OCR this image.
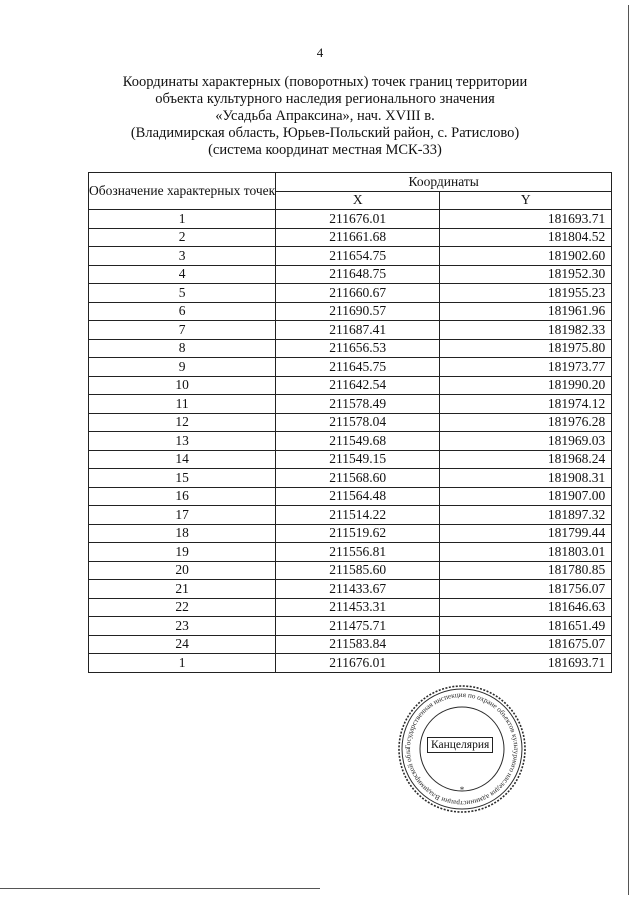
4
Координаты характерных (поворотных) точек границ территории
объекта культурного наследия регионального значения
«Усадьба Апраксина», нач. XVIII в.
(Владимирская область, Юрьев-Польский район, с. Ратислово)
(система координат местная МСК-33)
Обозначение характерных точек	Координаты	
	X	Y
1	211676.01	181693.71
2	211661.68	181804.52
3	211654.75	181902.60
4	211648.75	181952.30
5	211660.67	181955.23
6	211690.57	181961.96
7	211687.41	181982.33
8	211656.53	181975.80
9	211645.75	181973.77
10	211642.54	181990.20
11	211578.49	181974.12
12	211578.04	181976.28
13	211549.68	181969.03
14	211549.15	181968.24
15	211568.60	181908.31
16	211564.48	181907.00
17	211514.22	181897.32
18	211519.62	181799.44
19	211556.81	181803.01
20	211585.60	181780.85
21	211433.67	181756.07
22	211453.31	181646.63
23	211475.71	181651.49
24	211583.84	181675.07
1	211676.01	181693.71
Государственная инспекция по охране объектов культурного наследия администрации Владимирской обла
*
Канцелярия
